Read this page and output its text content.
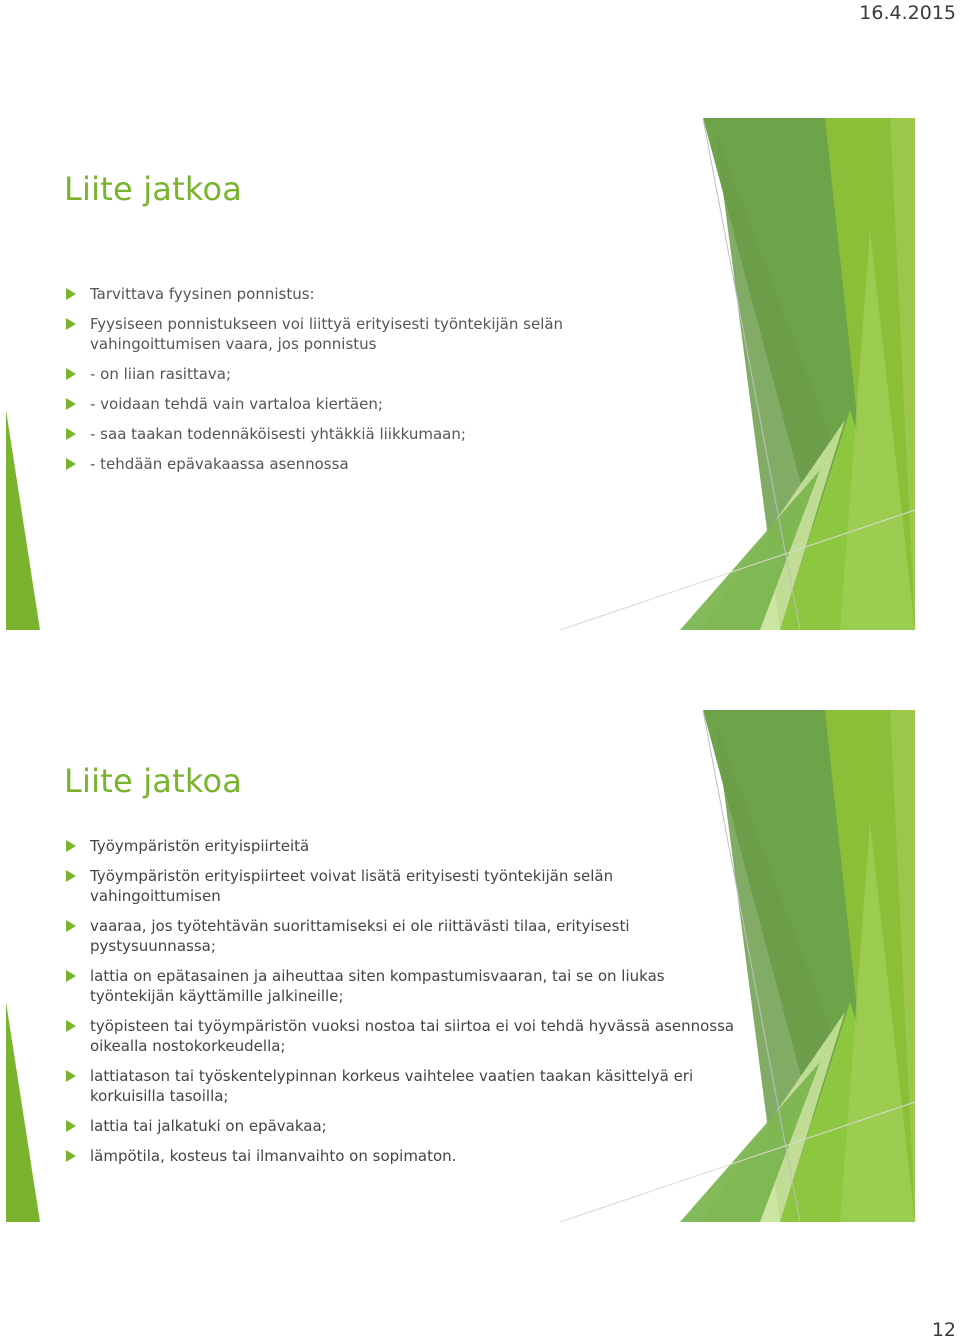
16.4.2015
Liite jatkoa
Tarvittava fyysinen ponnistus:
Fyysiseen ponnistukseen voi liittyä erityisesti työntekijän selän vahingoittumisen vaara, jos ponnistus
- on liian rasittava;
- voidaan tehdä vain vartaloa kiertäen;
- saa taakan todennäköisesti yhtäkkiä liikkumaan;
- tehdään epävakaassa asennossa
Liite jatkoa
Työympäristön erityispiirteitä
Työympäristön erityispiirteet voivat lisätä erityisesti työntekijän selän vahingoittumisen
vaaraa, jos työtehtävän suorittamiseksi ei ole riittävästi tilaa, erityisesti pystysuunnassa;
lattia on epätasainen ja aiheuttaa siten kompastumisvaaran, tai se on liukas työntekijän käyttämille jalkineille;
työpisteen tai työympäristön vuoksi nostoa tai siirtoa ei voi tehdä hyvässä asennossa oikealla nostokorkeudella;
lattiatason tai työskentelypinnan korkeus vaihtelee vaatien taakan käsittelyä eri korkuisilla tasoilla;
lattia tai jalkatuki on epävakaa;
lämpötila, kosteus tai ilmanvaihto on sopimaton.
12
